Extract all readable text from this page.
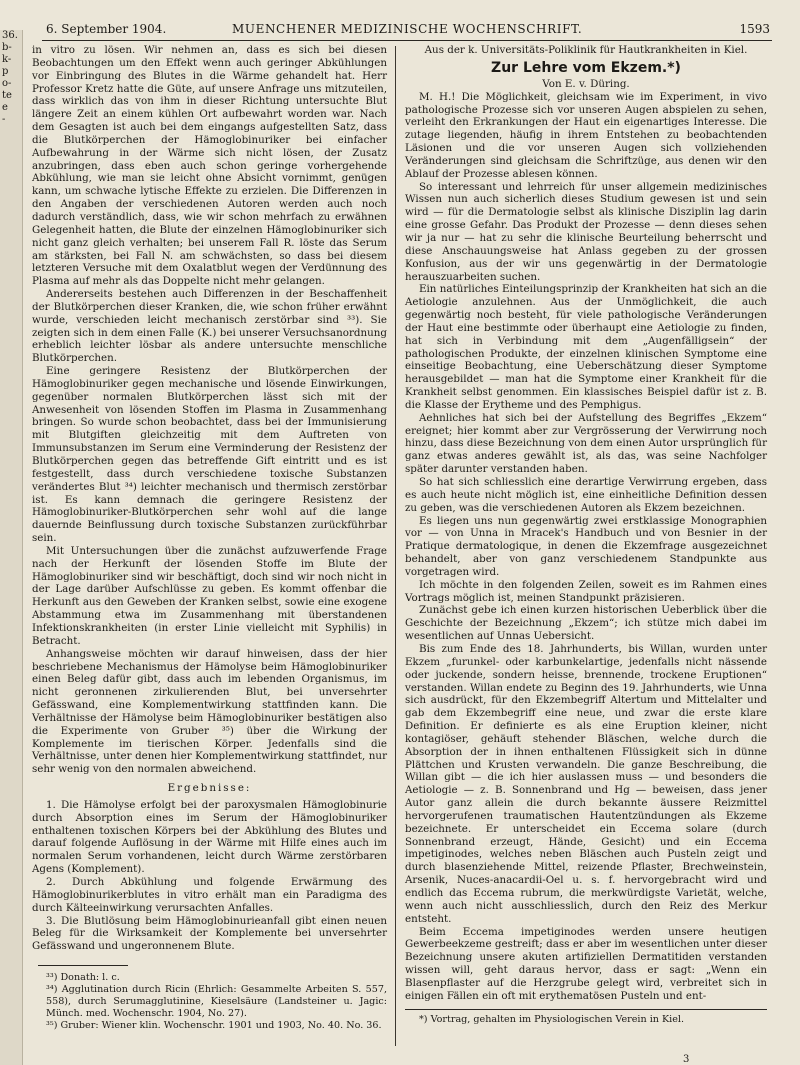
36.
b-
k-
p
o-
te
e
-
6. September 1904.	MUENCHENER MEDIZINISCHE WOCHENSCHRIFT.	1593

in vitro zu lösen. Wir nehmen an, dass es sich bei diesen Beobachtungen um den Effekt wenn auch geringer Abkühlungen vor Einbringung des Blutes in die Wärme gehandelt hat. Herr Professor Kretz hatte die Güte, auf unsere Anfrage uns mitzuteilen, dass wirklich das von ihm in dieser Richtung untersuchte Blut längere Zeit an einem kühlen Ort aufbewahrt worden war. Nach dem Gesagten ist auch bei dem eingangs aufgestellten Satz, dass die Blutkörperchen der Hämoglobinuriker bei einfacher Aufbewahrung in der Wärme sich nicht lösen, der Zusatz anzubringen, dass eben auch schon geringe vorhergehende Abkühlung, wie man sie leicht ohne Absicht vornimmt, genügen kann, um schwache lytische Effekte zu erzielen. Die Differenzen in den Angaben der verschiedenen Autoren werden auch noch dadurch verständlich, dass, wie wir schon mehrfach zu erwähnen Gelegenheit hatten, die Blute der einzelnen Hämoglobinuriker sich nicht ganz gleich verhalten; bei unserem Fall R. löste das Serum am stärksten, bei Fall N. am schwächsten, so dass bei diesem letzteren Versuche mit dem Oxalatblut wegen der Verdünnung des Plasma auf mehr als das Doppelte nicht mehr gelangen.

Andererseits bestehen auch Differenzen in der Beschaffenheit der Blutkörperchen dieser Kranken, die, wie schon früher erwähnt wurde, verschieden leicht mechanisch zerstörbar sind ³³). Sie zeigten sich in dem einen Falle (K.) bei unserer Versuchsanordnung erheblich leichter lösbar als andere untersuchte menschliche Blutkörperchen.

Eine geringere Resistenz der Blutkörperchen der Hämoglobinuriker gegen mechanische und lösende Einwirkungen, gegenüber normalen Blutkörperchen lässt sich mit der Anwesenheit von lösenden Stoffen im Plasma in Zusammenhang bringen. So wurde schon beobachtet, dass bei der Immunisierung mit Blutgiften gleichzeitig mit dem Auftreten von Immunsubstanzen im Serum eine Verminderung der Resistenz der Blutkörperchen gegen das betreffende Gift eintritt und es ist festgestellt, dass durch verschiedene toxische Substanzen verändertes Blut ³⁴) leichter mechanisch und thermisch zerstörbar ist. Es kann demnach die geringere Resistenz der Hämoglobinuriker-Blutkörperchen sehr wohl auf die lange dauernde Beinflussung durch toxische Substanzen zurückführbar sein.

Mit Untersuchungen über die zunächst aufzuwerfende Frage nach der Herkunft der lösenden Stoffe im Blute der Hämoglobinuriker sind wir beschäftigt, doch sind wir noch nicht in der Lage darüber Aufschlüsse zu geben. Es kommt offenbar die Herkunft aus den Geweben der Kranken selbst, sowie eine exogene Abstammung etwa im Zusammenhang mit überstandenen Infektionskrankheiten (in erster Linie vielleicht mit Syphilis) in Betracht.

Anhangsweise möchten wir darauf hinweisen, dass der hier beschriebene Mechanismus der Hämolyse beim Hämoglobinuriker einen Beleg dafür gibt, dass auch im lebenden Organismus, im nicht geronnenen zirkulierenden Blut, bei unversehrter Gefässwand, eine Komplementwirkung stattfinden kann. Die Verhältnisse der Hämolyse beim Hämoglobinuriker bestätigen also die Experimente von Gruber ³⁵) über die Wirkung der Komplemente im tierischen Körper. Jedenfalls sind die Verhältnisse, unter denen hier Komplementwirkung stattfindet, nur sehr wenig von den normalen abweichend.

Ergebnisse:

1. Die Hämolyse erfolgt bei der paroxysmalen Hämoglobinurie durch Absorption eines im Serum der Hämoglobinuriker enthaltenen toxischen Körpers bei der Abkühlung des Blutes und darauf folgende Auflösung in der Wärme mit Hilfe eines auch im normalen Serum vorhandenen, leicht durch Wärme zerstörbaren Agens (Komplement).

2. Durch Abkühlung und folgende Erwärmung des Hämoglobinurikerblutes in vitro erhält man ein Paradigma des durch Kälteeinwirkung verursachten Anfalles.

3. Die Blutlösung beim Hämoglobinurieanfall gibt einen neuen Beleg für die Wirksamkeit der Komplemente bei unversehrter Gefässwand und ungeronnenem Blute.

³³) Donath: l. c.

³⁴) Agglutination durch Ricin (Ehrlich: Gesammelte Arbeiten S. 557, 558), durch Serumagglutinine, Kieselsäure (Landsteiner u. Jagic: Münch. med. Wochenschr. 1904, No. 27).

³⁵) Gruber: Wiener klin. Wochenschr. 1901 und 1903, No. 40. No. 36.

Aus der k. Universitäts-Poliklinik für Hautkrankheiten in Kiel.

Zur Lehre vom Ekzem.*)

Von E. v. Düring.

M. H.! Die Möglichkeit, gleichsam wie im Experiment, in vivo pathologische Prozesse sich vor unseren Augen abspielen zu sehen, verleiht den Erkrankungen der Haut ein eigenartiges Interesse. Die zutage liegenden, häufig in ihrem Entstehen zu beobachtenden Läsionen und die vor unseren Augen sich vollziehenden Veränderungen sind gleichsam die Schriftzüge, aus denen wir den Ablauf der Prozesse ablesen können.

So interessant und lehrreich für unser allgemein medizinisches Wissen nun auch sicherlich dieses Studium gewesen ist und sein wird — für die Dermatologie selbst als klinische Disziplin lag darin eine grosse Gefahr. Das Produkt der Prozesse — denn dieses sehen wir ja nur — hat zu sehr die klinische Beurteilung beherrscht und diese Anschauungsweise hat Anlass gegeben zu der grossen Konfusion, aus der wir uns gegenwärtig in der Dermatologie herauszuarbeiten suchen.

Ein natürliches Einteilungsprinzip der Krankheiten hat sich an die Aetiologie anzulehnen. Aus der Unmöglichkeit, die auch gegenwärtig noch besteht, für viele pathologische Veränderungen der Haut eine bestimmte oder überhaupt eine Aetiologie zu finden, hat sich in Verbindung mit dem „Augenfälligsein“ der pathologischen Produkte, der einzelnen klinischen Symptome eine einseitige Beobachtung, eine Ueberschätzung dieser Symptome herausgebildet — man hat die Symptome einer Krankheit für die Krankheit selbst genommen. Ein klassisches Beispiel dafür ist z. B. die Klasse der Erytheme und des Pemphigus.

Aehnliches hat sich bei der Aufstellung des Begriffes „Ekzem“ ereignet; hier kommt aber zur Vergrösserung der Verwirrung noch hinzu, dass diese Bezeichnung von dem einen Autor ursprünglich für ganz etwas anderes gewählt ist, als das, was seine Nachfolger später darunter verstanden haben.

So hat sich schliesslich eine derartige Verwirrung ergeben, dass es auch heute nicht möglich ist, eine einheitliche Definition dessen zu geben, was die verschiedenen Autoren als Ekzem bezeichnen.

Es liegen uns nun gegenwärtig zwei erstklassige Monographien vor — von Unna in Mracek's Handbuch und von Besnier in der Pratique dermatologique, in denen die Ekzemfrage ausgezeichnet behandelt, aber von ganz verschiedenem Standpunkte aus vorgetragen wird.

Ich möchte in den folgenden Zeilen, soweit es im Rahmen eines Vortrags möglich ist, meinen Standpunkt präzisieren.

Zunächst gebe ich einen kurzen historischen Ueberblick über die Geschichte der Bezeichnung „Ekzem“; ich stütze mich dabei im wesentlichen auf Unnas Uebersicht.

Bis zum Ende des 18. Jahrhunderts, bis Willan, wurden unter Ekzem „furunkel- oder karbunkelartige, jedenfalls nicht nässende oder juckende, sondern heisse, brennende, trockene Eruptionen“ verstanden. Willan endete zu Beginn des 19. Jahrhunderts, wie Unna sich ausdrückt, für den Ekzembegriff Altertum und Mittelalter und gab dem Ekzembegriff eine neue, und zwar die erste klare Definition. Er definierte es als eine Eruption kleiner, nicht kontagiöser, gehäuft stehender Bläschen, welche durch die Absorption der in ihnen enthaltenen Flüssigkeit sich in dünne Plättchen und Krusten verwandeln. Die ganze Beschreibung, die Willan gibt — die ich hier auslassen muss — und besonders die Aetiologie — z. B. Sonnenbrand und Hg — beweisen, dass jener Autor ganz allein die durch bekannte äussere Reizmittel hervorgerufenen traumatischen Hautentzündungen als Ekzeme bezeichnete. Er unterscheidet ein Eccema solare (durch Sonnenbrand erzeugt, Hände, Gesicht) und ein Eccema impetiginodes, welches neben Bläschen auch Pusteln zeigt und durch blasenziehende Mittel, reizende Pflaster, Brechweinstein, Arsenik, Nuces-anacardii-Oel u. s. f. hervorgebracht wird und endlich das Eccema rubrum, die merkwürdigste Varietät, welche, wenn auch nicht ausschliesslich, durch den Reiz des Merkur entsteht.

Beim Eccema impetiginodes werden unsere heutigen Gewerbeekzeme gestreift; dass er aber im wesentlichen unter dieser Bezeichnung unsere akuten artifiziellen Dermatitiden verstanden wissen will, geht daraus hervor, dass er sagt: „Wenn ein Blasenpflaster auf die Herzgrube gelegt wird, verbreitet sich in einigen Fällen ein oft mit erythematösen Pusteln und ent-

*) Vortrag, gehalten im Physiologischen Verein in Kiel.

3
